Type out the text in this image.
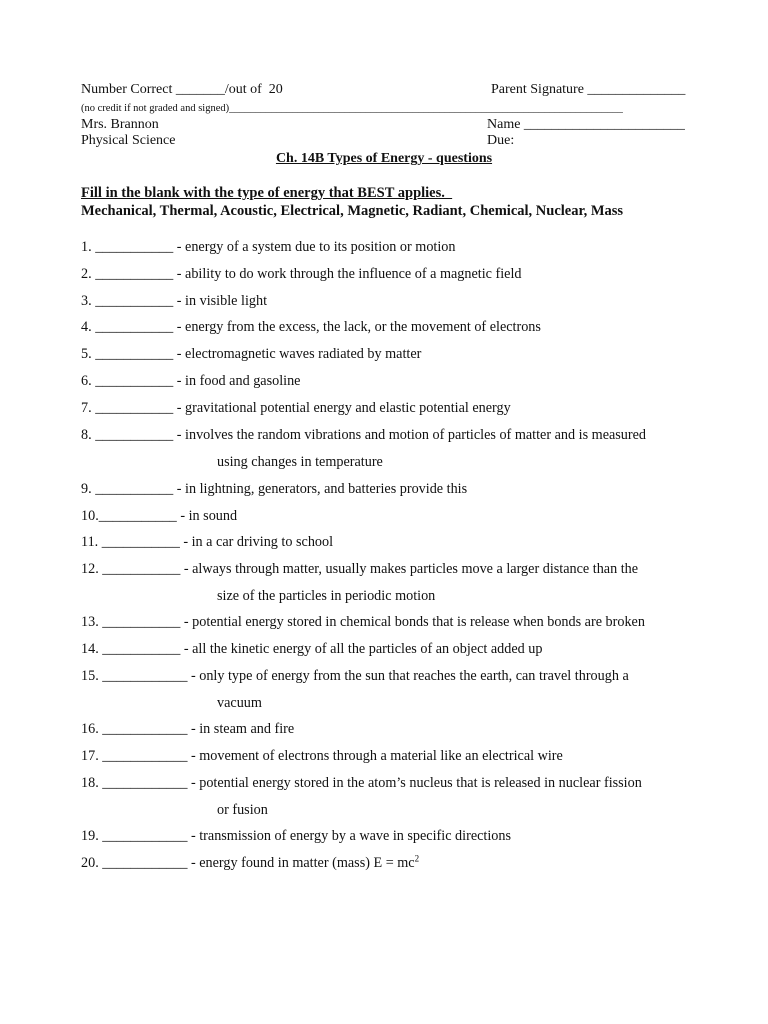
Number Correct _______/out of  20	Parent Signature ______________
(no credit if not graded and signed)___________________________________________________________________________
Mrs. Brannon	Name _______________________
Physical Science	Due:
Ch. 14B Types of Energy - questions
Fill in the blank with the type of energy that BEST applies.
Mechanical, Thermal, Acoustic, Electrical, Magnetic, Radiant, Chemical, Nuclear, Mass
1. ___________ - energy of a system due to its position or motion
2. ___________ - ability to do work through the influence of a magnetic field
3. ___________ - in visible light
4. ___________ - energy from the excess, the lack, or the movement of electrons
5. ___________ - electromagnetic waves radiated by matter
6. ___________ - in food and gasoline
7. ___________ - gravitational potential energy and elastic potential energy
8. ___________ - involves the random vibrations and motion of particles of matter and is measured
using changes in temperature
9. ___________ - in lightning, generators, and batteries provide this
10.___________ - in sound
11. ___________ - in a car driving to school
12. ___________ - always through matter, usually makes particles move a larger distance than the
size of the particles in periodic motion
13. ___________ - potential energy stored in chemical bonds that is release when bonds are broken
14. ___________ - all the kinetic energy of all the particles of an object added up
15. ____________ - only type of energy from the sun that reaches the earth, can travel through a
vacuum
16. ____________ - in steam and fire
17. ____________ - movement of electrons through a material like an electrical wire
18. ____________ - potential energy stored in the atom’s nucleus that is released in nuclear fission
or fusion
19. ____________ - transmission of energy by a wave in specific directions
20. ____________ - energy found in matter (mass) $E = mc^2$
